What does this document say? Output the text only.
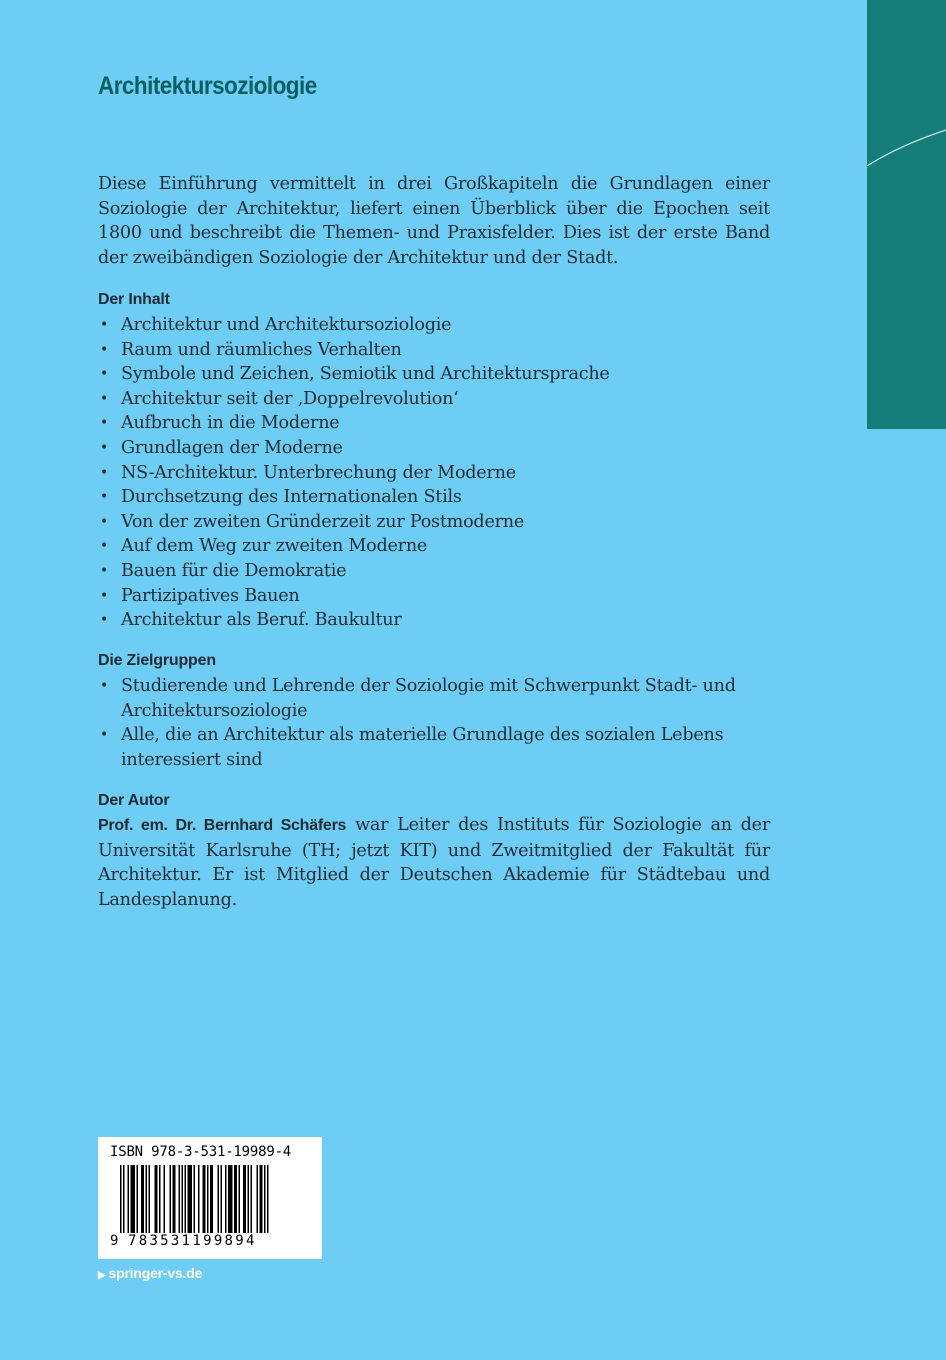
Architektursoziologie

Diese Einführung vermittelt in drei Großkapiteln die Grundlagen einer Soziologie der Architektur, liefert einen Überblick über die Epochen seit 1800 und beschreibt die Themen- und Praxisfelder. Dies ist der erste Band der zweibändigen Soziologie der Architektur und der Stadt.

Der Inhalt
• Architektur und Architektursoziologie
• Raum und räumliches Verhalten
• Symbole und Zeichen, Semiotik und Architektursprache
• Architektur seit der ‚Doppelrevolution‘
• Aufbruch in die Moderne
• Grundlagen der Moderne
• NS-Architektur. Unterbrechung der Moderne
• Durchsetzung des Internationalen Stils
• Von der zweiten Gründerzeit zur Postmoderne
• Auf dem Weg zur zweiten Moderne
• Bauen für die Demokratie
• Partizipatives Bauen
• Architektur als Beruf. Baukultur
Die Zielgruppen
• Studierende und Lehrende der Soziologie mit Schwerpunkt Stadt- und Architektursoziologie
• Alle, die an Architektur als materielle Grundlage des sozialen Lebens interessiert sind
Der Autor

Prof. em. Dr. Bernhard Schäfers war Leiter des Instituts für Soziologie an der Universität Karlsruhe (TH; jetzt KIT) und Zweitmitglied der Fakultät für Architektur. Er ist Mitglied der Deutschen Akademie für Städtebau und Landesplanung.

ISBN 978-3-531-19989-4

9 783531199894

▶ springer-vs.de
